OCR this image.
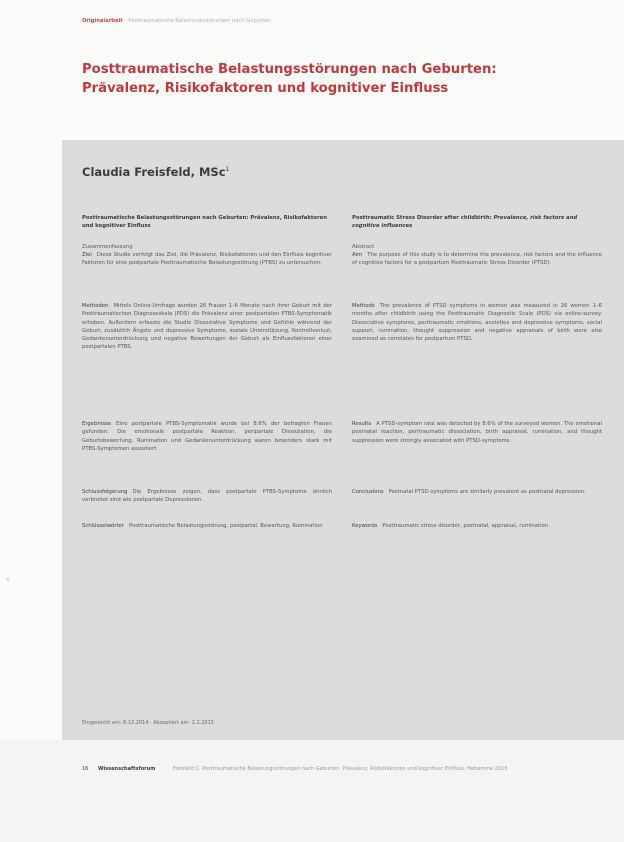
Originalarbeit Posttraumatische Belastungsstörungen nach Geburten
Posttraumatische Belastungsstörungen nach Geburten:
Prävalenz, Risikofaktoren und kognitiver Einfluss
Claudia Freisfeld, MSc$^1$
Posttraumatische Belastungsstörungen nach Geburten: Prävalenz, Risikofaktoren und kognitiver Einfluss
Zusammenfassung
Ziel Diese Studie verfolgt das Ziel, die Prävalenz, Risikofaktoren und den Einfluss kognitiver Faktoren für eine postpartale Posttraumatische Belastungsstörung (PTBS) zu untersuchen.
Methoden Mittels Online-Umfrage wurden 26 Frauen 1–6 Monate nach ihrer Geburt mit der Posttraumatischen Diagnoseskala (PDS) die Prävalenz einer postpartalen PTBS-Symptomatik erhoben. Außerdem erfasste die Studie Dissoziative Symptome und Gefühle während der Geburt, zusätzlich Ängste und depressive Symptome, soziale Unterstützung, Kontrollverlust, Gedankenunterdrückung und negative Bewertungen der Geburt als Einflussfaktoren einer postpartalen PTBS.
Ergebnisse Eine postpartale PTBS-Symptomatik wurde bei 8,6% der befragten Frauen gefunden. Die emotionale postpartale Reaktion, peripartale Dissoziation, die Geburtsbewertung, Rumination und Gedankenunterdrückung waren besonders stark mit PTBS-Symptomen assoziiert.
Schlussfolgerung Die Ergebnisse zeigen, dass postpartale PTBS-Symptome ähnlich verbreitet sind wie postpartale Depressionen.
Schlüsselwörter Posttraumatische Belastungsstörung, postpartal, Bewertung, Rumination
Posttraumatic Stress Disorder after childbirth: Prevalence, risk factors and cognitive influences
Abstract
Aim The purpose of this study is to determine the prevalence, risk factors and the influence of cognitive factors for a postpartum Posttraumatic Stress Disorder (PTSD).
Methods The prevalence of PTSD symptoms in women was measured in 26 women 1–6 months after childbirth using the Posttraumatic Diagnostic Scale (PDS) via online-survey. Dissociative symptoms, peritraumatic emotions, anxieties and depressive symptoms, social support, rumination, thought suppression and negative appraisals of birth were also examined as correlates for postpartum PTSD.
Results A PTSD-symptom rate was detected by 8.6% of the surveyed women. The emotional postnatal reaction, peritraumatic dissociation, birth appraisal, rumination, and thought suppression were strongly associated with PTSD-symptoms.
Conclusions Postnatal PTSD symptoms are similarly prevalent as postnatal depression.
Keywords Posttraumatic stress disorder, postnatal, appraisal, rumination
Eingereicht am: 8.12.2014 · Akzeptiert am: 2.2.2015
x
16 Wissenschaftsforum	Freisfeld C. Posttraumatische Belastungsstörungen nach Geburten: Prävalenz, Risikofaktoren und kognitiver Einfluss. Hebamme 2015
